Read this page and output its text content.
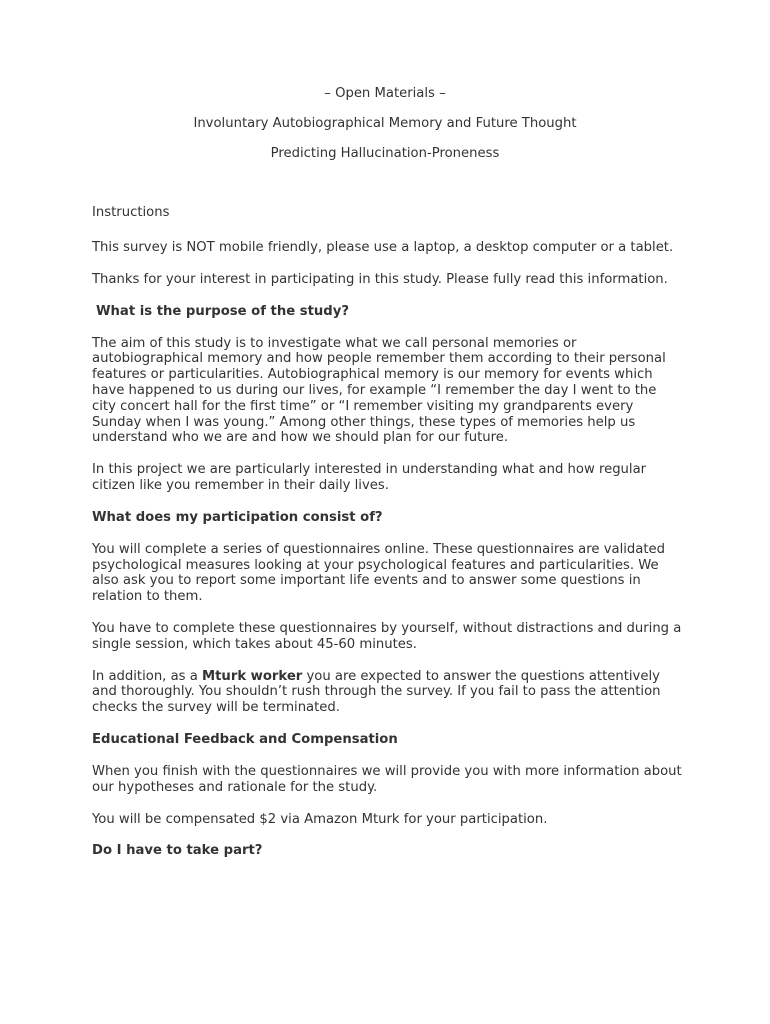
– Open Materials –
Involuntary Autobiographical Memory and Future Thought
Predicting Hallucination-Proneness
Instructions

This survey is NOT mobile friendly, please use a laptop, a desktop computer or a tablet.

Thanks for your interest in participating in this study. Please fully read this information.

What is the purpose of the study?

The aim of this study is to investigate what we call personal memories or autobiographical memory and how people remember them according to their personal features or particularities. Autobiographical memory is our memory for events which have happened to us during our lives, for example “I remember the day I went to the city concert hall for the first time” or “I remember visiting my grandparents every Sunday when I was young.” Among other things, these types of memories help us understand who we are and how we should plan for our future.

In this project we are particularly interested in understanding what and how regular citizen like you remember in their daily lives.

What does my participation consist of?

You will complete a series of questionnaires online. These questionnaires are validated psychological measures looking at your psychological features and particularities. We also ask you to report some important life events and to answer some questions in relation to them.

You have to complete these questionnaires by yourself, without distractions and during a single session, which takes about 45-60 minutes.

In addition, as a Mturk worker you are expected to answer the questions attentively and thoroughly. You shouldn’t rush through the survey. If you fail to pass the attention checks the survey will be terminated.

Educational Feedback and Compensation

When you finish with the questionnaires we will provide you with more information about our hypotheses and rationale for the study.

You will be compensated $2 via Amazon Mturk for your participation.

Do I have to take part?
